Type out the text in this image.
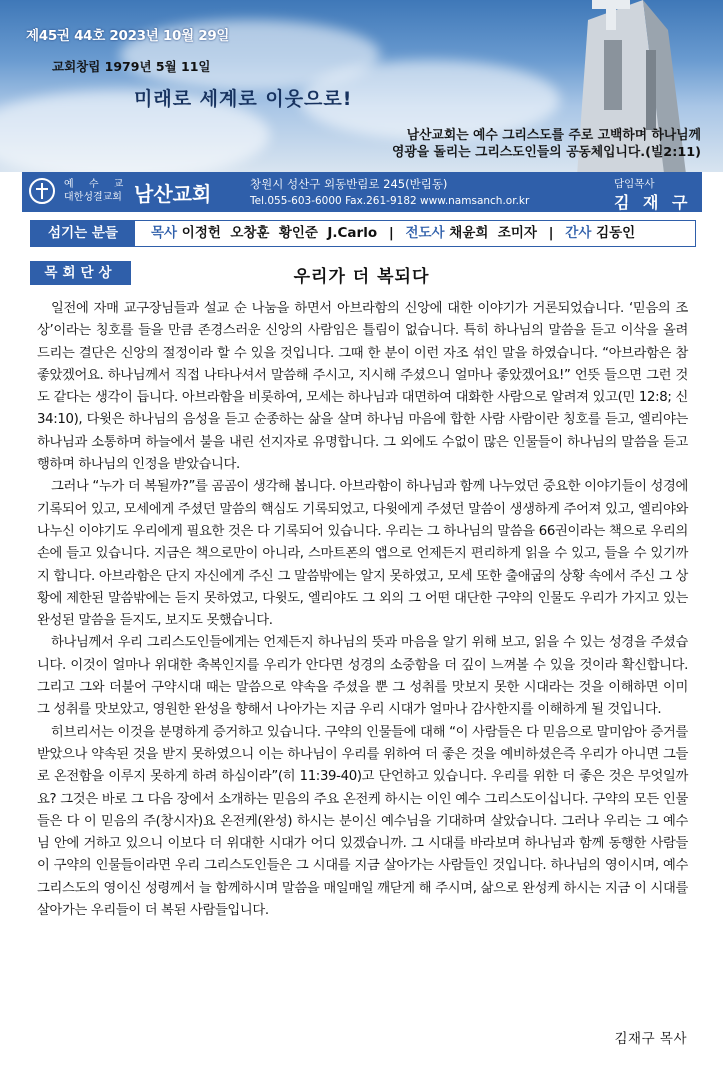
제45권 44호 2023년 10월 29일
교회창립 1979년 5월 11일
미래로 세계로 이웃으로!
남산교회는 예수 그리스도를 주로 고백하며 하나님께
영광을 돌리는 그리스도인들의 공동체입니다.(빌2:11)
예 수 교
대한성결교회 남산교회	창원시 성산구 외동반림로 245(반림동)
Tel.055-603-6000 Fax.261-9182 www.namsanch.or.kr
담임목사
김 재 구
섬기는 분들	목사 이정헌  오창훈  황인준  J.Carlo | 전도사 채윤희  조미자 | 간사 김동인
목회단상	우리가 더 복되다

일전에 자매 교구장님들과 설교 순 나눔을 하면서 아브라함의 신앙에 대한 이야기가 거론되었습니다. ‘믿음의 조상’이라는 칭호를 들을 만큼 존경스러운 신앙의 사람임은 틀림이 없습니다. 특히 하나님의 말씀을 듣고 이삭을 올려 드리는 결단은 신앙의 절정이라 할 수 있을 것입니다. 그때 한 분이 이런 자조 섞인 말을 하였습니다. “아브라함은 참 좋았겠어요. 하나님께서 직접 나타나셔서 말씀해 주시고, 지시해 주셨으니 얼마나 좋았겠어요!” 언뜻 들으면 그런 것도 같다는 생각이 듭니다. 아브라함을 비롯하여, 모세는 하나님과 대면하여 대화한 사람으로 알려져 있고(민 12:8; 신 34:10), 다윗은 하나님의 음성을 듣고 순종하는 삶을 살며 하나님 마음에 합한 사람 사람이란 칭호를 듣고, 엘리야는 하나님과 소통하며 하늘에서 불을 내린 선지자로 유명합니다. 그 외에도 수없이 많은 인물들이 하나님의 말씀을 듣고 행하며 하나님의 인정을 받았습니다.

그러나 “누가 더 복될까?”를 곰곰이 생각해 봅니다. 아브라함이 하나님과 함께 나누었던 중요한 이야기들이 성경에 기록되어 있고, 모세에게 주셨던 말씀의 핵심도 기록되었고, 다윗에게 주셨던 말씀이 생생하게 주어져 있고, 엘리야와 나누신 이야기도 우리에게 필요한 것은 다 기록되어 있습니다. 우리는 그 하나님의 말씀을 66권이라는 책으로 우리의 손에 들고 있습니다. 지금은 책으로만이 아니라, 스마트폰의 앱으로 언제든지 편리하게 읽을 수 있고, 들을 수 있기까지 합니다. 아브라함은 단지 자신에게 주신 그 말씀밖에는 알지 못하였고, 모세 또한 출애굽의 상황 속에서 주신 그 상황에 제한된 말씀밖에는 듣지 못하였고, 다윗도, 엘리야도 그 외의 그 어떤 대단한 구약의 인물도 우리가 가지고 있는 완성된 말씀을 듣지도, 보지도 못했습니다.

하나님께서 우리 그리스도인들에게는 언제든지 하나님의 뜻과 마음을 알기 위해 보고, 읽을 수 있는 성경을 주셨습니다. 이것이 얼마나 위대한 축복인지를 우리가 안다면 성경의 소중함을 더 깊이 느껴볼 수 있을 것이라 확신합니다. 그리고 그와 더불어 구약시대 때는 말씀으로 약속을 주셨을 뿐 그 성취를 맛보지 못한 시대라는 것을 이해하면 이미 그 성취를 맛보았고, 영원한 완성을 향해서 나아가는 지금 우리 시대가 얼마나 감사한지를 이해하게 될 것입니다.

히브리서는 이것을 분명하게 증거하고 있습니다. 구약의 인물들에 대해 “이 사람들은 다 믿음으로 말미암아 증거를 받았으나 약속된 것을 받지 못하였으니 이는 하나님이 우리를 위하여 더 좋은 것을 예비하셨은즉 우리가 아니면 그들로 온전함을 이루지 못하게 하려 하심이라”(히 11:39-40)고 단언하고 있습니다. 우리를 위한 더 좋은 것은 무엇일까요? 그것은 바로 그 다음 장에서 소개하는 믿음의 주요 온전케 하시는 이인 예수 그리스도이십니다. 구약의 모든 인물들은 다 이 믿음의 주(창시자)요 온전케(완성) 하시는 분이신 예수님을 기대하며 살았습니다. 그러나 우리는 그 예수님 안에 거하고 있으니 이보다 더 위대한 시대가 어디 있겠습니까. 그 시대를 바라보며 하나님과 함께 동행한 사람들이 구약의 인물들이라면 우리 그리스도인들은 그 시대를 지금 살아가는 사람들인 것입니다. 하나님의 영이시며, 예수 그리스도의 영이신 성령께서 늘 함께하시며 말씀을 매일매일 깨닫게 해 주시며, 삶으로 완성케 하시는 지금 이 시대를 살아가는 우리들이 더 복된 사람들입니다.

김재구 목사
